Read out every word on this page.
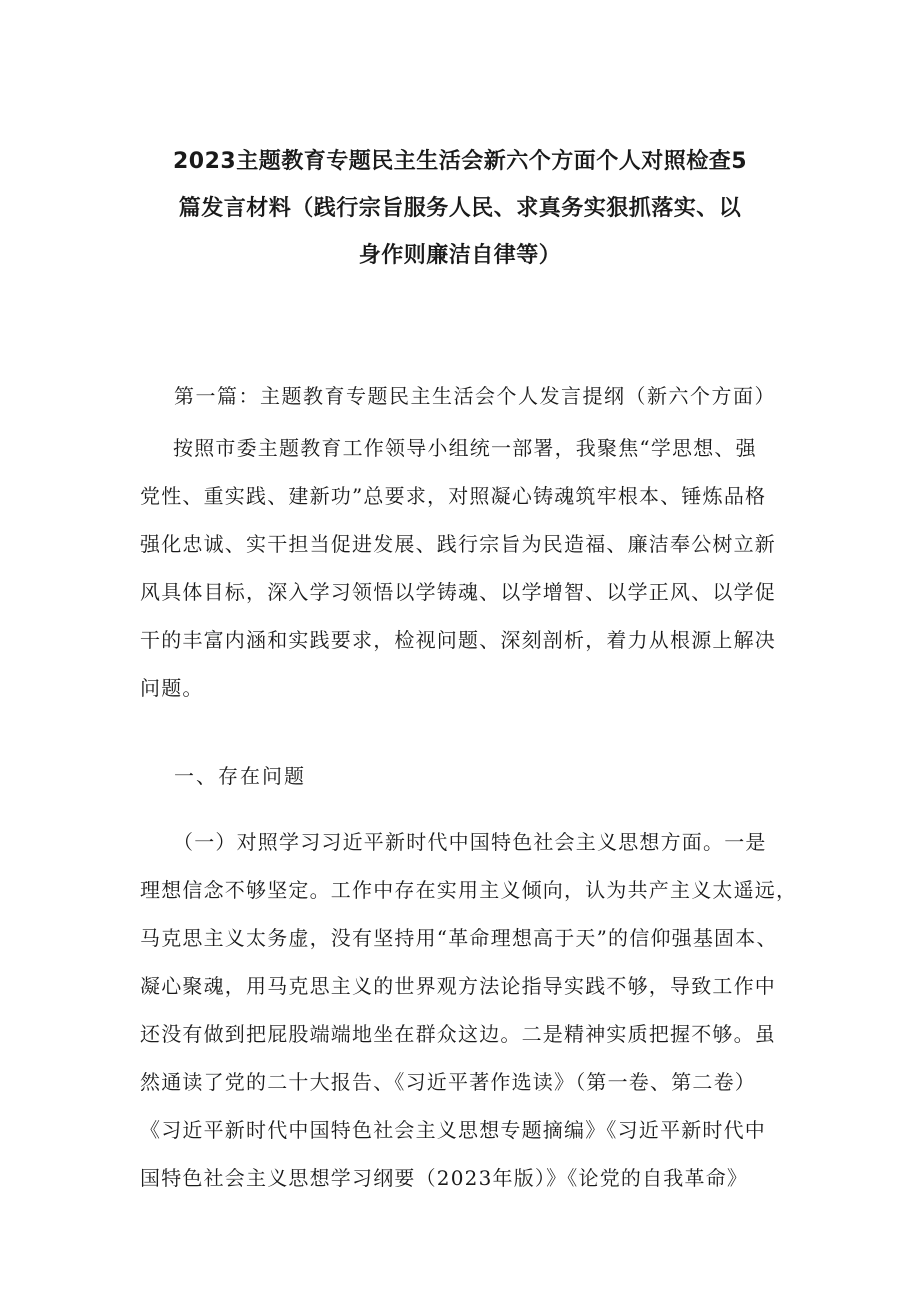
2023主题教育专题民主生活会新六个方面个人对照检查5
篇发言材料（践行宗旨服务人民、求真务实狠抓落实、以
身作则廉洁自律等）
第一篇：主题教育专题民主生活会个人发言提纲（新六个方面）
按照市委主题教育工作领导小组统一部署，我聚焦“学思想、强
党性、重实践、建新功”总要求，对照凝心铸魂筑牢根本、锤炼品格
强化忠诚、实干担当促进发展、践行宗旨为民造福、廉洁奉公树立新
风具体目标，深入学习领悟以学铸魂、以学增智、以学正风、以学促
干的丰富内涵和实践要求，检视问题、深刻剖析，着力从根源上解决
问题。
一、存在问题
（一）对照学习习近平新时代中国特色社会主义思想方面。一是
理想信念不够坚定。工作中存在实用主义倾向，认为共产主义太遥远，
马克思主义太务虚，没有坚持用“革命理想高于天”的信仰强基固本、
凝心聚魂，用马克思主义的世界观方法论指导实践不够，导致工作中
还没有做到把屁股端端地坐在群众这边。二是精神实质把握不够。虽
然通读了党的二十大报告、《习近平著作选读》（第一卷、第二卷）
《习近平新时代中国特色社会主义思想专题摘编》《习近平新时代中
国特色社会主义思想学习纲要（2023年版）》《论党的自我革命》
